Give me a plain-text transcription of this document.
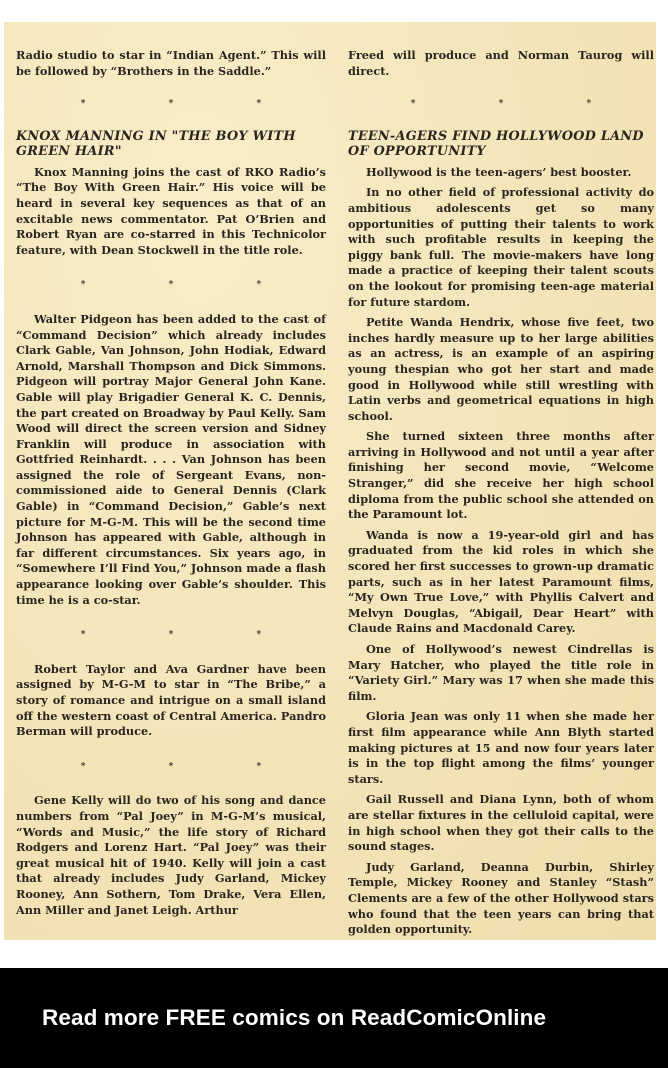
Radio studio to star in “Indian Agent.” This will be followed by “Brothers in the Saddle.”

* * *
KNOX MANNING IN "THE BOY WITH GREEN HAIR"

Knox Manning joins the cast of RKO Radio’s “The Boy With Green Hair.” His voice will be heard in several key sequences as that of an excitable news commentator. Pat O’Brien and Robert Ryan are co-starred in this Technicolor feature, with Dean Stockwell in the title role.

* * *

Walter Pidgeon has been added to the cast of “Command Decision” which already includes Clark Gable, Van Johnson, John Hodiak, Edward Arnold, Marshall Thompson and Dick Simmons. Pidgeon will portray Major General John Kane. Gable will play Brigadier General K. C. Dennis, the part created on Broadway by Paul Kelly. Sam Wood will direct the screen version and Sidney Franklin will produce in association with Gottfried Reinhardt. . . . Van Johnson has been assigned the role of Sergeant Evans, non-commissioned aide to General Dennis (Clark Gable) in “Command Decision,” Gable’s next picture for M-G-M. This will be the second time Johnson has appeared with Gable, although in far different circumstances. Six years ago, in “Somewhere I’ll Find You,” Johnson made a flash appearance looking over Gable’s shoulder. This time he is a co-star.

* * *

Robert Taylor and Ava Gardner have been assigned by M-G-M to star in “The Bribe,” a story of romance and intrigue on a small island off the western coast of Central America. Pandro Berman will produce.

* * *

Gene Kelly will do two of his song and dance numbers from “Pal Joey” in M-G-M’s musical, “Words and Music,” the life story of Richard Rodgers and Lorenz Hart. “Pal Joey” was their great musical hit of 1940. Kelly will join a cast that already includes Judy Garland, Mickey Rooney, Ann Sothern, Tom Drake, Vera Ellen, Ann Miller and Janet Leigh. Arthur

Freed will produce and Norman Taurog will direct.

* * *
TEEN-AGERS FIND HOLLYWOOD LAND OF OPPORTUNITY

Hollywood is the teen-agers’ best booster.

In no other field of professional activity do ambitious adolescents get so many opportunities of putting their talents to work with such profitable results in keeping the piggy bank full. The movie-makers have long made a practice of keeping their talent scouts on the lookout for promising teen-age material for future stardom.

Petite Wanda Hendrix, whose five feet, two inches hardly measure up to her large abilities as an actress, is an example of an aspiring young thespian who got her start and made good in Hollywood while still wrestling with Latin verbs and geometrical equations in high school.

She turned sixteen three months after arriving in Hollywood and not until a year after finishing her second movie, “Welcome Stranger,” did she receive her high school diploma from the public school she attended on the Paramount lot.

Wanda is now a 19-year-old girl and has graduated from the kid roles in which she scored her first successes to grown-up dramatic parts, such as in her latest Paramount films, “My Own True Love,” with Phyllis Calvert and Melvyn Douglas, “Abigail, Dear Heart” with Claude Rains and Macdonald Carey.

One of Hollywood’s newest Cindrellas is Mary Hatcher, who played the title role in “Variety Girl.” Mary was 17 when she made this film.

Gloria Jean was only 11 when she made her first film appearance while Ann Blyth started making pictures at 15 and now four years later is in the top flight among the films’ younger stars.

Gail Russell and Diana Lynn, both of whom are stellar fixtures in the celluloid capital, were in high school when they got their calls to the sound stages.

Judy Garland, Deanna Durbin, Shirley Temple, Mickey Rooney and Stanley “Stash” Clements are a few of the other Hollywood stars who found that the teen years can bring that golden opportunity.

Read more FREE comics on ReadComicOnline
